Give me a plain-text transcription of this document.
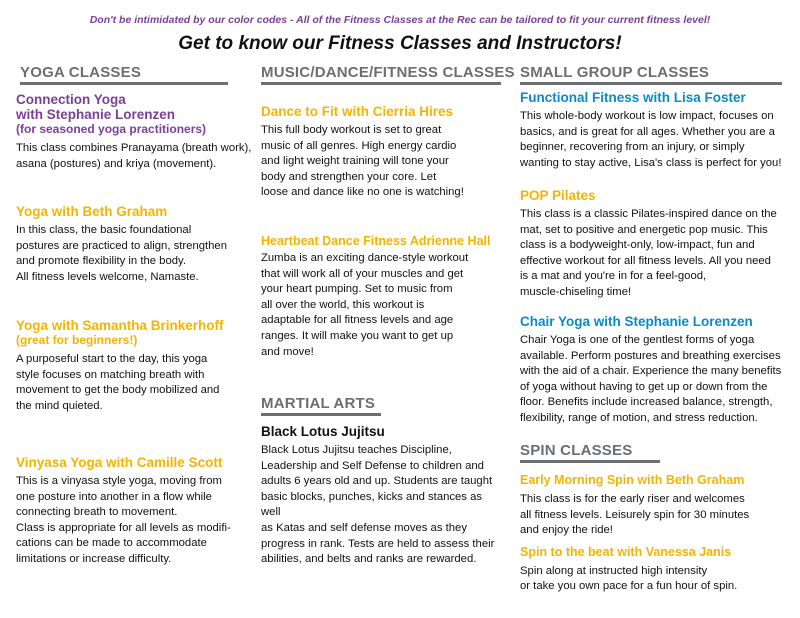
Don't be intimidated by our color codes - All of the Fitness Classes at the Rec can be tailored to fit your current fitness level!
Get to know our Fitness Classes and Instructors!
YOGA CLASSES
Connection Yoga
with Stephanie Lorenzen
(for seasoned yoga practitioners)
This class combines Pranayama (breath work),
asana (postures) and kriya (movement).
Yoga with Beth Graham
In this class, the basic foundational
postures are practiced to align, strengthen
and promote flexibility in the body.
All fitness levels welcome, Namaste.
Yoga with Samantha Brinkerhoff
(great for beginners!)
A purposeful start to the day, this yoga
style focuses on matching breath with
movement to get the body mobilized and
the mind quieted.
Vinyasa Yoga with Camille Scott
This is a vinyasa style yoga, moving from
one posture into another in a flow while
connecting breath to movement.
Class is appropriate for all levels as modifi-
cations can be made to accommodate
limitations or increase difficulty.
MUSIC/DANCE/FITNESS CLASSES
Dance to Fit with Cierria Hires
This full body workout is set to great
music of all genres. High energy cardio
and light weight training will tone your
body and strengthen your core. Let
loose and dance like no one is watching!
Heartbeat Dance Fitness Adrienne Hall
Zumba is an exciting dance-style workout
that will work all of your muscles and get
your heart pumping. Set to music from
all over the world, this workout is
adaptable for all fitness levels and age
ranges. It will make you want to get up
and move!
MARTIAL ARTS
Black Lotus Jujitsu
Black Lotus Jujitsu teaches Discipline,
Leadership and Self Defense to children and
adults 6 years old and up. Students are taught
basic blocks, punches, kicks and stances as well
as Katas and self defense moves as they
progress in rank. Tests are held to assess their
abilities, and belts and ranks are rewarded.
SMALL GROUP CLASSES
Functional Fitness with Lisa Foster
This whole-body workout is low impact, focuses on
basics, and is great for all ages. Whether you are a
beginner, recovering from an injury, or simply
wanting to stay active, Lisa's class is perfect for you!
POP Pilates
This class is a classic Pilates-inspired dance on the
mat, set to positive and energetic pop music. This
class is a bodyweight-only, low-impact, fun and
effective workout for all fitness levels. All you need
is a mat and you're in for a feel-good,
muscle-chiseling time!
Chair Yoga with Stephanie Lorenzen
Chair Yoga is one of the gentlest forms of yoga
available. Perform postures and breathing exercises
with the aid of a chair. Experience the many benefits
of yoga without having to get up or down from the
floor. Benefits include increased balance, strength,
flexibility, range of motion, and stress reduction.
SPIN CLASSES
Early Morning Spin with Beth Graham
This class is for the early riser and welcomes
all fitness levels. Leisurely spin for 30 minutes
and enjoy the ride!
Spin to the beat with Vanessa Janis
Spin along at instructed high intensity
or take you own pace for a fun hour of spin.
